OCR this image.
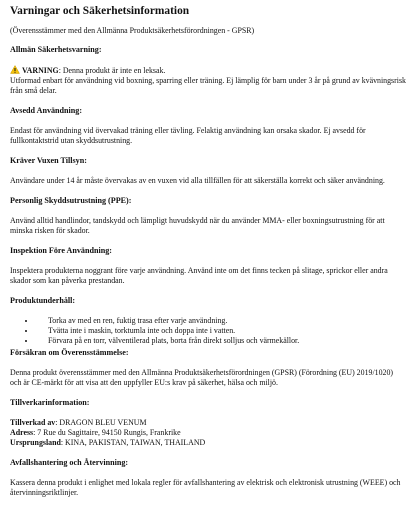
Varningar och Säkerhetsinformation

(Överensstämmer med den Allmänna Produktsäkerhetsförordningen - GPSR)

Allmän Säkerhetsvarning:

VARNING: Denna produkt är inte en leksak.
Utformad enbart för användning vid boxning, sparring eller träning. Ej lämplig för barn under 3 år på grund av kvävningsrisk från små delar.

Avsedd Användning:

Endast för användning vid övervakad träning eller tävling. Felaktig användning kan orsaka skador. Ej avsedd för fullkontaktstrid utan skyddsutrustning.

Kräver Vuxen Tillsyn:

Användare under 14 år måste övervakas av en vuxen vid alla tillfällen för att säkerställa korrekt och säker användning.

Personlig Skyddsutrustning (PPE):

Använd alltid handlindor, tandskydd och lämpligt huvudskydd när du använder MMA- eller boxningsutrustning för att minska risken för skador.

Inspektion Före Användning:

Inspektera produkterna noggrant före varje användning. Använd inte om det finns tecken på slitage, sprickor eller andra skador som kan påverka prestandan.

Produktunderhåll:
• Torka av med en ren, fuktig trasa efter varje användning.
• Tvätta inte i maskin, torktumla inte och doppa inte i vatten.
• Förvara på en torr, välventilerad plats, borta från direkt solljus och värmekällor.
Försäkran om Överensstämmelse:

Denna produkt överensstämmer med den Allmänna Produktsäkerhetsförordningen (GPSR) (Förordning (EU) 2019/1020) och är CE-märkt för att visa att den uppfyller EU:s krav på säkerhet, hälsa och miljö.

Tillverkarinformation:

Tillverkad av: DRAGON BLEU VENUM

Adress: 7 Rue du Sagittaire, 94150 Rungis, Frankrike

Ursprungsland: KINA, PAKISTAN, TAIWAN, THAILAND

Avfallshantering och Återvinning:

Kassera denna produkt i enlighet med lokala regler för avfallshantering av elektrisk och elektronisk utrustning (WEEE) och återvinningsriktlinjer.
